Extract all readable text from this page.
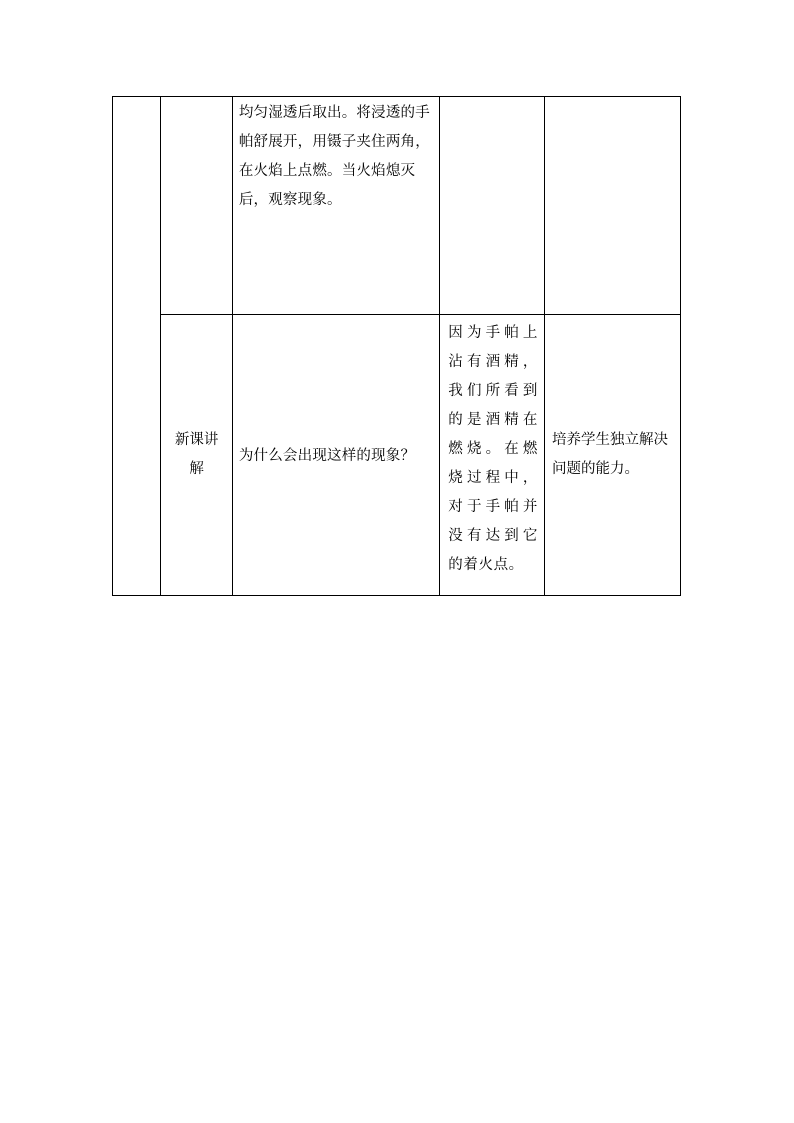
		均匀湿透后取出。将浸透的手帕舒展开，用镊子夹住两角，在火焰上点燃。当火焰熄灭后，观察现象。		

	新课讲解	为什么会出现这样的现象？	因为手帕上沾有酒精，我们所看到的是酒精在燃烧。在燃烧过程中，对于手帕并没有达到它的着火点。	培养学生独立解决问题的能力。
